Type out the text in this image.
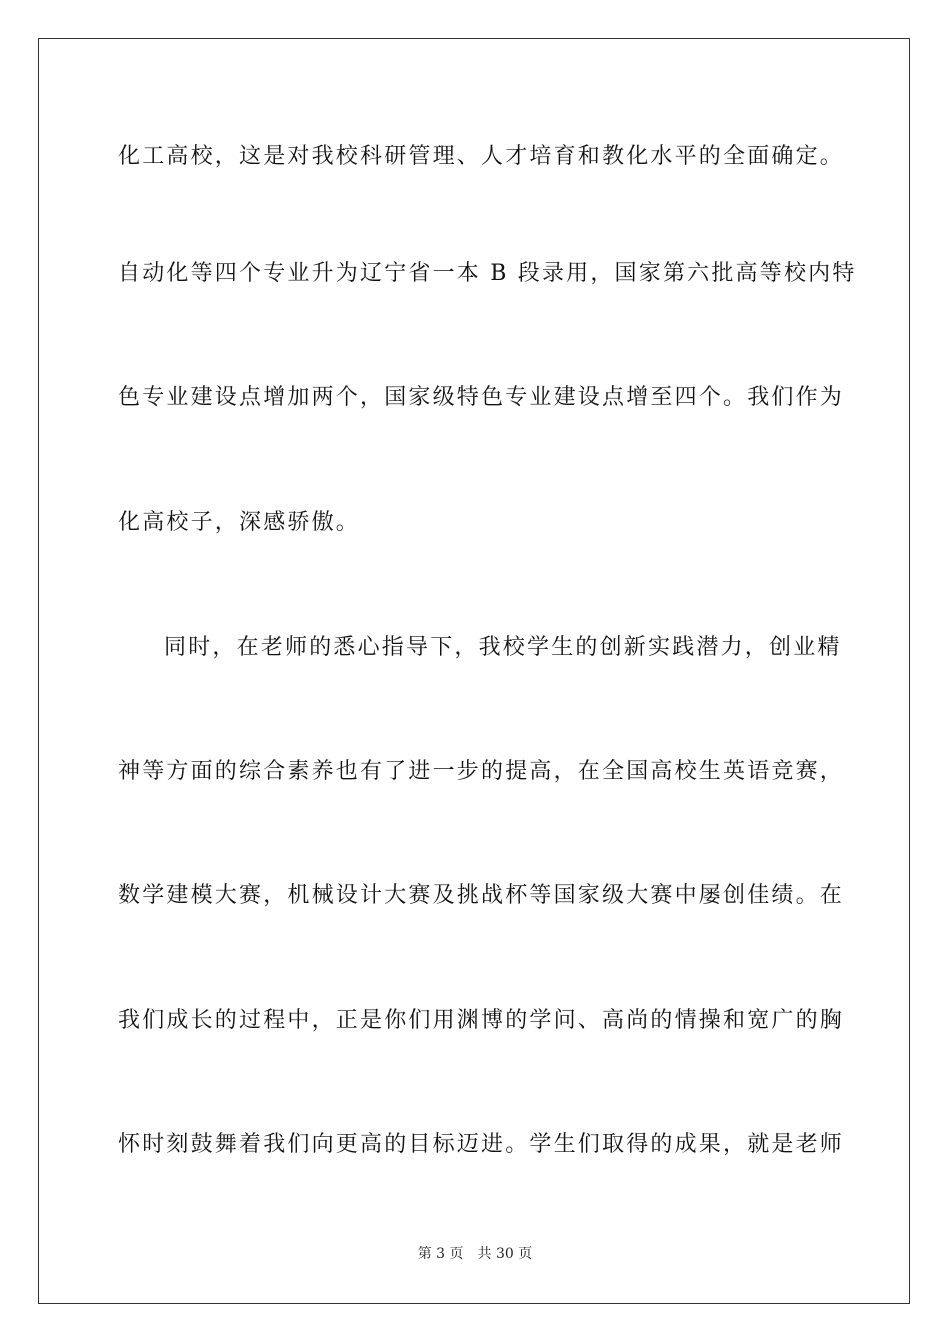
化工高校，这是对我校科研管理、人才培育和教化水平的全面确定。
自动化等四个专业升为辽宁省一本 B 段录用，国家第六批高等校内特
色专业建设点增加两个，国家级特色专业建设点增至四个。我们作为
化高校子，深感骄傲。
同时，在老师的悉心指导下，我校学生的创新实践潜力，创业精
神等方面的综合素养也有了进一步的提高，在全国高校生英语竞赛，
数学建模大赛，机械设计大赛及挑战杯等国家级大赛中屡创佳绩。在
我们成长的过程中，正是你们用渊博的学问、高尚的情操和宽广的胸
怀时刻鼓舞着我们向更高的目标迈进。学生们取得的成果，就是老师
第 3 页 共 30 页
